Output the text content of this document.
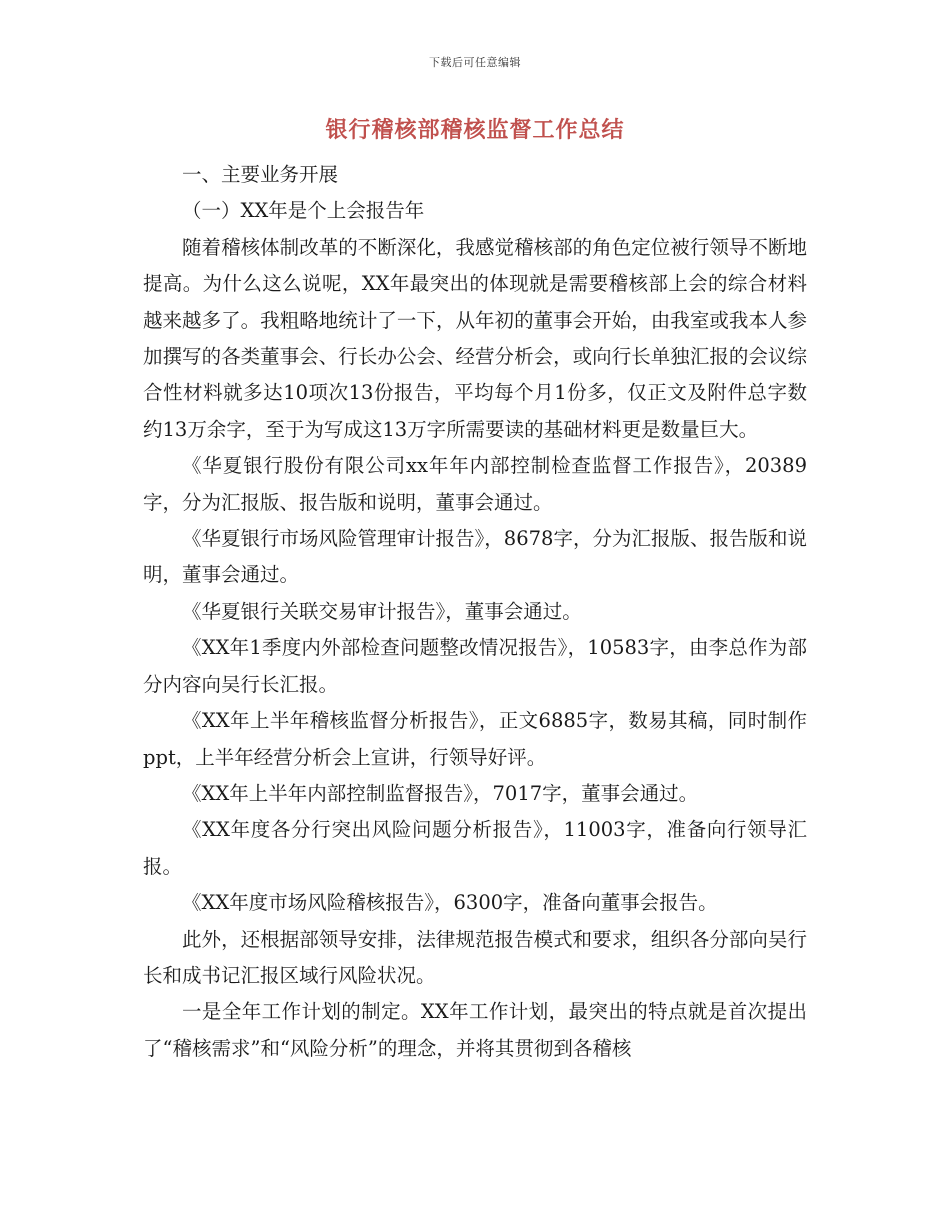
下载后可任意编辑
银行稽核部稽核监督工作总结

一、主要业务开展

（一）XX年是个上会报告年

随着稽核体制改革的不断深化，我感觉稽核部的角色定位被行领导不断地提高。为什么这么说呢，XX年最突出的体现就是需要稽核部上会的综合材料越来越多了。我粗略地统计了一下，从年初的董事会开始，由我室或我本人参加撰写的各类董事会、行长办公会、经营分析会，或向行长单独汇报的会议综合性材料就多达10项次13份报告，平均每个月1份多，仅正文及附件总字数约13万余字，至于为写成这13万字所需要读的基础材料更是数量巨大。

《华夏银行股份有限公司xx年年内部控制检查监督工作报告》，20389字，分为汇报版、报告版和说明，董事会通过。

《华夏银行市场风险管理审计报告》，8678字，分为汇报版、报告版和说明，董事会通过。

《华夏银行关联交易审计报告》，董事会通过。

《XX年1季度内外部检查问题整改情况报告》，10583字，由李总作为部分内容向吴行长汇报。

《XX年上半年稽核监督分析报告》，正文6885字，数易其稿，同时制作ppt，上半年经营分析会上宣讲，行领导好评。

《XX年上半年内部控制监督报告》，7017字，董事会通过。

《XX年度各分行突出风险问题分析报告》，11003字，准备向行领导汇报。

《XX年度市场风险稽核报告》，6300字，准备向董事会报告。

此外，还根据部领导安排，法律规范报告模式和要求，组织各分部向吴行长和成书记汇报区域行风险状况。

一是全年工作计划的制定。XX年工作计划，最突出的特点就是首次提出了“稽核需求”和“风险分析”的理念，并将其贯彻到各稽核
